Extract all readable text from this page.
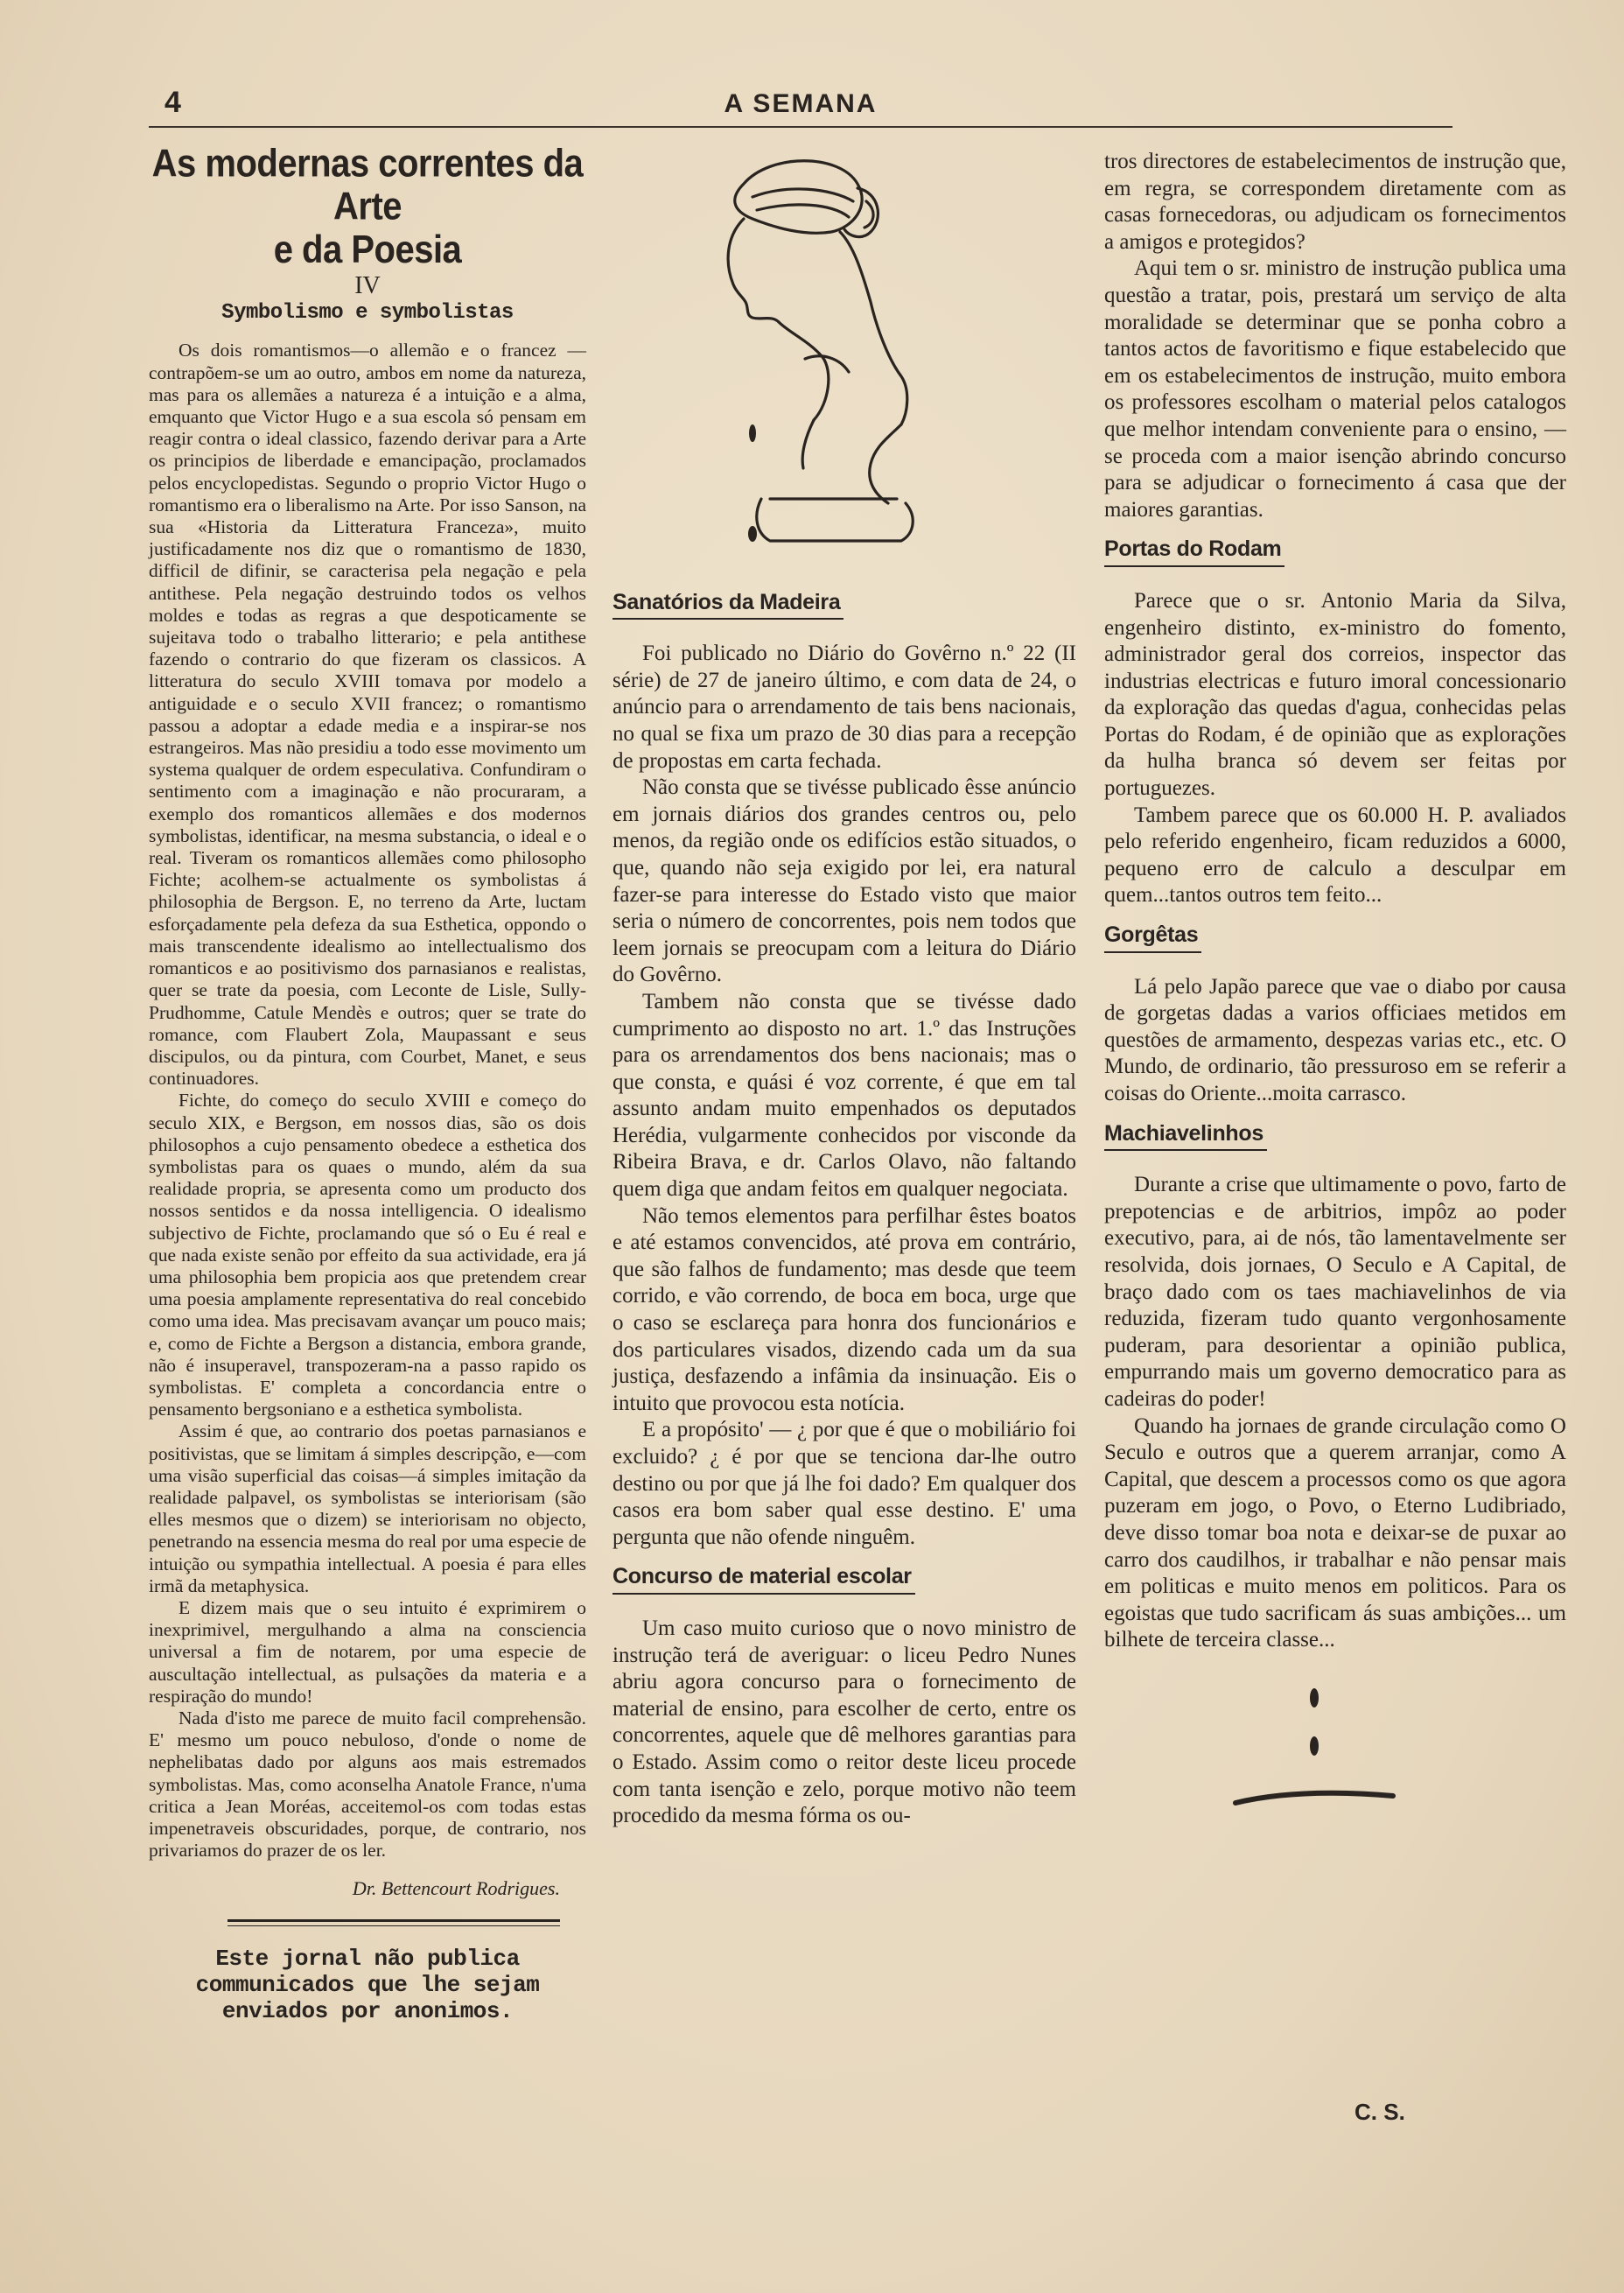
4	A SEMANA
As modernas correntes da Arte
e da Poesia
IV
Symbolismo e symbolistas

Os dois romantismos—o allemão e o francez —contrapõem-se um ao outro, ambos em nome da natureza, mas para os allemães a natureza é a intuição e a alma, emquanto que Victor Hugo e a sua escola só pensam em reagir contra o ideal classico, fazendo derivar para a Arte os principios de liberdade e emancipação, proclamados pelos encyclopedistas. Segundo o proprio Victor Hugo o romantismo era o liberalismo na Arte. Por isso Sanson, na sua «Historia da Litteratura Franceza», muito justificadamente nos diz que o romantismo de 1830, difficil de difinir, se caracterisa pela negação e pela antithese. Pela negação destruindo todos os velhos moldes e todas as regras a que despoticamente se sujeitava todo o trabalho litterario; e pela antithese fazendo o contrario do que fizeram os classicos. A litteratura do seculo XVIII tomava por modelo a antiguidade e o seculo XVII francez; o romantismo passou a adoptar a edade media e a inspirar-se nos estrangeiros. Mas não presidiu a todo esse movimento um systema qualquer de ordem especulativa. Confundiram o sentimento com a imaginação e não procuraram, a exemplo dos romanticos allemães e dos modernos symbolistas, identificar, na mesma substancia, o ideal e o real. Tiveram os romanticos allemães como philosopho Fichte; acolhem-se actualmente os symbolistas á philosophia de Bergson. E, no terreno da Arte, luctam esforçadamente pela defeza da sua Esthetica, oppondo o mais transcendente idealismo ao intellectualismo dos romanticos e ao positivismo dos parnasianos e realistas, quer se trate da poesia, com Leconte de Lisle, Sully-Prudhomme, Catule Mendès e outros; quer se trate do romance, com Flaubert Zola, Maupassant e seus discipulos, ou da pintura, com Courbet, Manet, e seus continuadores.

Fichte, do começo do seculo XVIII e começo do seculo XIX, e Bergson, em nossos dias, são os dois philosophos a cujo pensamento obedece a esthetica dos symbolistas para os quaes o mundo, além da sua realidade propria, se apresenta como um producto dos nossos sentidos e da nossa intelligencia. O idealismo subjectivo de Fichte, proclamando que só o Eu é real e que nada existe senão por effeito da sua actividade, era já uma philosophia bem propicia aos que pretendem crear uma poesia amplamente representativa do real concebido como uma idea. Mas precisavam avançar um pouco mais; e, como de Fichte a Bergson a distancia, embora grande, não é insuperavel, transpozeram-na a passo rapido os symbolistas. E' completa a concordancia entre o pensamento bergsoniano e a esthetica symbolista.

Assim é que, ao contrario dos poetas parnasianos e positivistas, que se limitam á simples descripção, e—com uma visão superficial das coisas—á simples imitação da realidade palpavel, os symbolistas se interiorisam (são elles mesmos que o dizem) se interiorisam no objecto, penetrando na essencia mesma do real por uma especie de intuição ou sympathia intellectual. A poesia é para elles irmã da metaphysica.

E dizem mais que o seu intuito é exprimirem o inexprimivel, mergulhando a alma na consciencia universal a fim de notarem, por uma especie de auscultação intellectual, as pulsações da materia e a respiração do mundo!

Nada d'isto me parece de muito facil comprehensão. E' mesmo um pouco nebuloso, d'onde o nome de nephelibatas dado por alguns aos mais estremados symbolistas. Mas, como aconselha Anatole France, n'uma critica a Jean Moréas, acceitemol-os com todas estas impenetraveis obscuridades, porque, de contrario, nos privariamos do prazer de os ler.

Dr. Bettencourt Rodrigues.
Este jornal não publica communicados que lhe sejam enviados por anonimos.
Sanatórios da Madeira

Foi publicado no Diário do Govêrno n.º 22 (II série) de 27 de janeiro último, e com data de 24, o anúncio para o arrendamento de tais bens nacionais, no qual se fixa um prazo de 30 dias para a recepção de propostas em carta fechada.

Não consta que se tivésse publicado êsse anúncio em jornais diários dos grandes centros ou, pelo menos, da região onde os edifícios estão situados, o que, quando não seja exigido por lei, era natural fazer-se para interesse do Estado visto que maior seria o número de concorrentes, pois nem todos que leem jornais se preocupam com a leitura do Diário do Govêrno.

Tambem não consta que se tivésse dado cumprimento ao disposto no art. 1.º das Instruções para os arrendamentos dos bens nacionais; mas o que consta, e quási é voz corrente, é que em tal assunto andam muito empenhados os deputados Herédia, vulgarmente conhecidos por visconde da Ribeira Brava, e dr. Carlos Olavo, não faltando quem diga que andam feitos em qualquer negociata.

Não temos elementos para perfilhar êstes boatos e até estamos convencidos, até prova em contrário, que são falhos de fundamento; mas desde que teem corrido, e vão correndo, de boca em boca, urge que o caso se esclareça para honra dos funcionários e dos particulares visados, dizendo cada um da sua justiça, desfazendo a infâmia da insinuação. Eis o intuito que provocou esta notícia.

E a propósito' — ¿ por que é que o mobiliário foi excluido? ¿ é por que se tenciona dar-lhe outro destino ou por que já lhe foi dado? Em qualquer dos casos era bom saber qual esse destino. E' uma pergunta que não ofende ninguêm.

Concurso de material escolar

Um caso muito curioso que o novo ministro de instrução terá de averiguar: o liceu Pedro Nunes abriu agora concurso para o fornecimento de material de ensino, para escolher de certo, entre os concorrentes, aquele que dê melhores garantias para o Estado. Assim como o reitor deste liceu procede com tanta isenção e zelo, porque motivo não teem procedido da mesma fórma os ou-

tros directores de estabelecimentos de instrução que, em regra, se correspondem diretamente com as casas fornecedoras, ou adjudicam os fornecimentos a amigos e protegidos?

Aqui tem o sr. ministro de instrução publica uma questão a tratar, pois, prestará um serviço de alta moralidade se determinar que se ponha cobro a tantos actos de favoritismo e fique estabelecido que em os estabelecimentos de instrução, muito embora os professores escolham o material pelos catalogos que melhor intendam conveniente para o ensino, — se proceda com a maior isenção abrindo concurso para se adjudicar o fornecimento á casa que der maiores garantias.

Portas do Rodam

Parece que o sr. Antonio Maria da Silva, engenheiro distinto, ex-ministro do fomento, administrador geral dos correios, inspector das industrias electricas e futuro imoral concessionario da exploração das quedas d'agua, conhecidas pelas Portas do Rodam, é de opinião que as explorações da hulha branca só devem ser feitas por portuguezes.

Tambem parece que os 60.000 H. P. avaliados pelo referido engenheiro, ficam reduzidos a 6000, pequeno erro de calculo a desculpar em quem...tantos outros tem feito...

Gorgêtas

Lá pelo Japão parece que vae o diabo por causa de gorgetas dadas a varios officiaes metidos em questões de armamento, despezas varias etc., etc. O Mundo, de ordinario, tão pressuroso em se referir a coisas do Oriente...moita carrasco.

Machiavelinhos

Durante a crise que ultimamente o povo, farto de prepotencias e de arbitrios, impôz ao poder executivo, para, ai de nós, tão lamentavelmente ser resolvida, dois jornaes, O Seculo e A Capital, de braço dado com os taes machiavelinhos de via reduzida, fizeram tudo quanto vergonhosamente puderam, para desorientar a opinião publica, empurrando mais um governo democratico para as cadeiras do poder!

Quando ha jornaes de grande circulação como O Seculo e outros que a querem arranjar, como A Capital, que descem a processos como os que agora puzeram em jogo, o Povo, o Eterno Ludibriado, deve disso tomar boa nota e deixar-se de puxar ao carro dos caudilhos, ir trabalhar e não pensar mais em politicas e muito menos em politicos. Para os egoistas que tudo sacrificam ás suas ambições... um bilhete de terceira classe...

C. S.
